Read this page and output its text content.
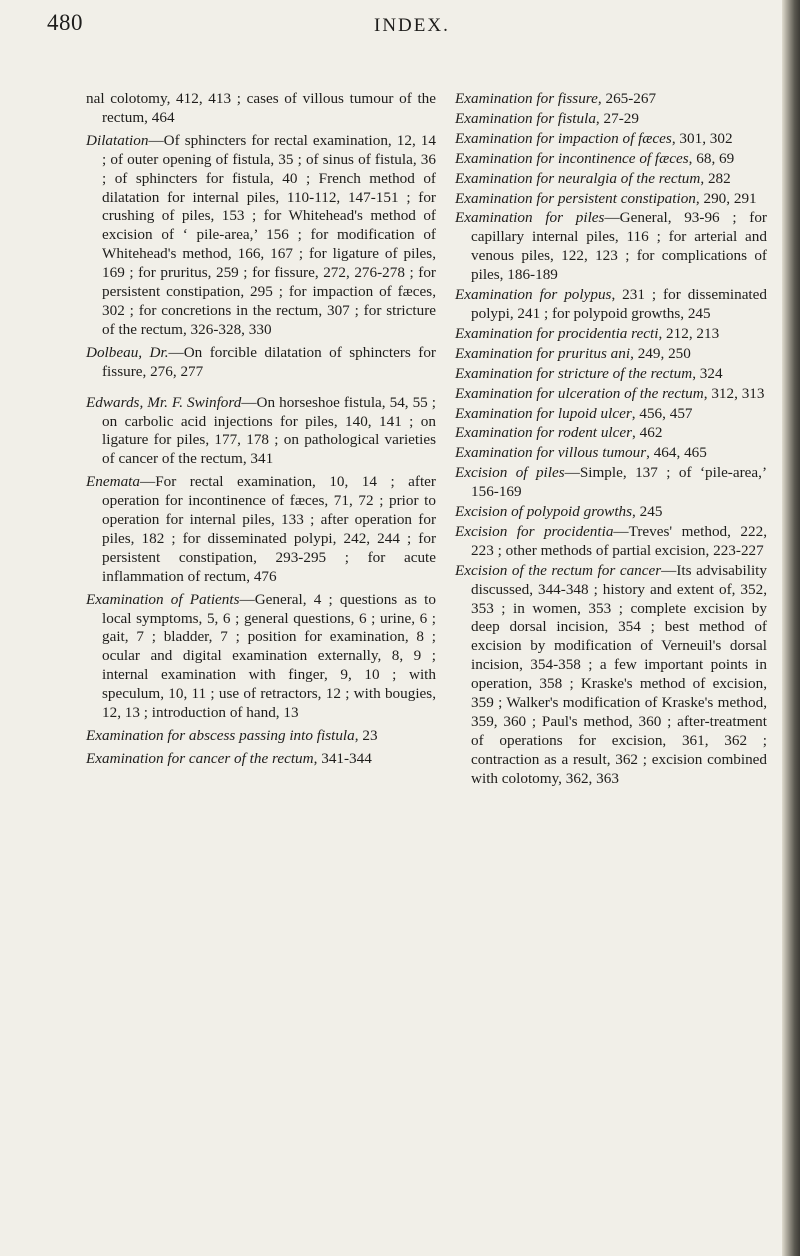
480	INDEX.

nal colotomy, 412, 413 ; cases of villous tumour of the rectum, 464

Dilatation—Of sphincters for rectal examination, 12, 14 ; of outer opening of fistula, 35 ; of sinus of fistula, 36 ; of sphincters for fistula, 40 ; French method of dilatation for internal piles, 110-112, 147-151 ; for crushing of piles, 153 ; for Whitehead's method of excision of ‘ pile-area,’ 156 ; for modification of Whitehead's method, 166, 167 ; for ligature of piles, 169 ; for pruritus, 259 ; for fissure, 272, 276-278 ; for persistent constipation, 295 ; for impaction of fæces, 302 ; for concretions in the rectum, 307 ; for stricture of the rectum, 326-328, 330

Dolbeau, Dr.—On forcible dilatation of sphincters for fissure, 276, 277

Edwards, Mr. F. Swinford—On horseshoe fistula, 54, 55 ; on carbolic acid injections for piles, 140, 141 ; on ligature for piles, 177, 178 ; on pathological varieties of cancer of the rectum, 341

Enemata—For rectal examination, 10, 14 ; after operation for incontinence of fæces, 71, 72 ; prior to operation for internal piles, 133 ; after operation for piles, 182 ; for disseminated polypi, 242, 244 ; for persistent constipation, 293-295 ; for acute inflammation of rectum, 476

Examination of Patients—General, 4 ; questions as to local symptoms, 5, 6 ; general questions, 6 ; urine, 6 ; gait, 7 ; bladder, 7 ; position for examination, 8 ; ocular and digital examination externally, 8, 9 ; internal examination with finger, 9, 10 ; with speculum, 10, 11 ; use of retractors, 12 ; with bougies, 12, 13 ; introduction of hand, 13

Examination for abscess passing into fistula, 23

Examination for cancer of the rectum, 341-344

Examination for fissure, 265-267

Examination for fistula, 27-29

Examination for impaction of fæces, 301, 302

Examination for incontinence of fæces, 68, 69

Examination for neuralgia of the rectum, 282

Examination for persistent constipation, 290, 291

Examination for piles—General, 93-96 ; for capillary internal piles, 116 ; for arterial and venous piles, 122, 123 ; for complications of piles, 186-189

Examination for polypus, 231 ; for disseminated polypi, 241 ; for polypoid growths, 245

Examination for procidentia recti, 212, 213

Examination for pruritus ani, 249, 250

Examination for stricture of the rectum, 324

Examination for ulceration of the rectum, 312, 313

Examination for lupoid ulcer, 456, 457

Examination for rodent ulcer, 462

Examination for villous tumour, 464, 465

Excision of piles—Simple, 137 ; of ‘pile-area,’ 156-169

Excision of polypoid growths, 245

Excision for procidentia—Treves' method, 222, 223 ; other methods of partial excision, 223-227

Excision of the rectum for cancer—Its advisability discussed, 344-348 ; history and extent of, 352, 353 ; in women, 353 ; complete excision by deep dorsal incision, 354 ; best method of excision by modification of Verneuil's dorsal incision, 354-358 ; a few important points in operation, 358 ; Kraske's method of excision, 359 ; Walker's modification of Kraske's method, 359, 360 ; Paul's method, 360 ; after-treatment of operations for excision, 361, 362 ; contraction as a result, 362 ; excision combined with colotomy, 362, 363
